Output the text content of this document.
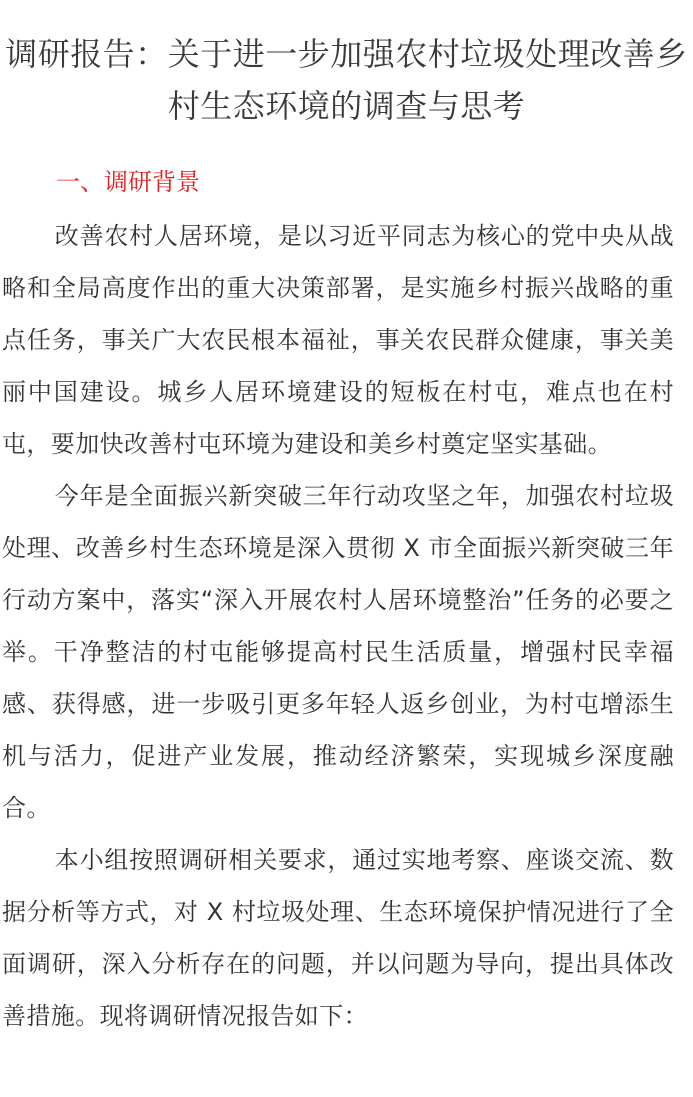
调研报告：关于进一步加强农村垃圾处理改善乡村生态环境的调查与思考
一、调研背景

改善农村人居环境，是以习近平同志为核心的党中央从战略和全局高度作出的重大决策部署，是实施乡村振兴战略的重点任务，事关广大农民根本福祉，事关农民群众健康，事关美丽中国建设。城乡人居环境建设的短板在村屯，难点也在村屯，要加快改善村屯环境为建设和美乡村奠定坚实基础。

今年是全面振兴新突破三年行动攻坚之年，加强农村垃圾处理、改善乡村生态环境是深入贯彻 X 市全面振兴新突破三年行动方案中，落实“深入开展农村人居环境整治”任务的必要之举。干净整洁的村屯能够提高村民生活质量，增强村民幸福感、获得感，进一步吸引更多年轻人返乡创业，为村屯增添生机与活力，促进产业发展，推动经济繁荣，实现城乡深度融合。

本小组按照调研相关要求，通过实地考察、座谈交流、数据分析等方式，对 X 村垃圾处理、生态环境保护情况进行了全面调研，深入分析存在的问题，并以问题为导向，提出具体改善措施。现将调研情况报告如下：
